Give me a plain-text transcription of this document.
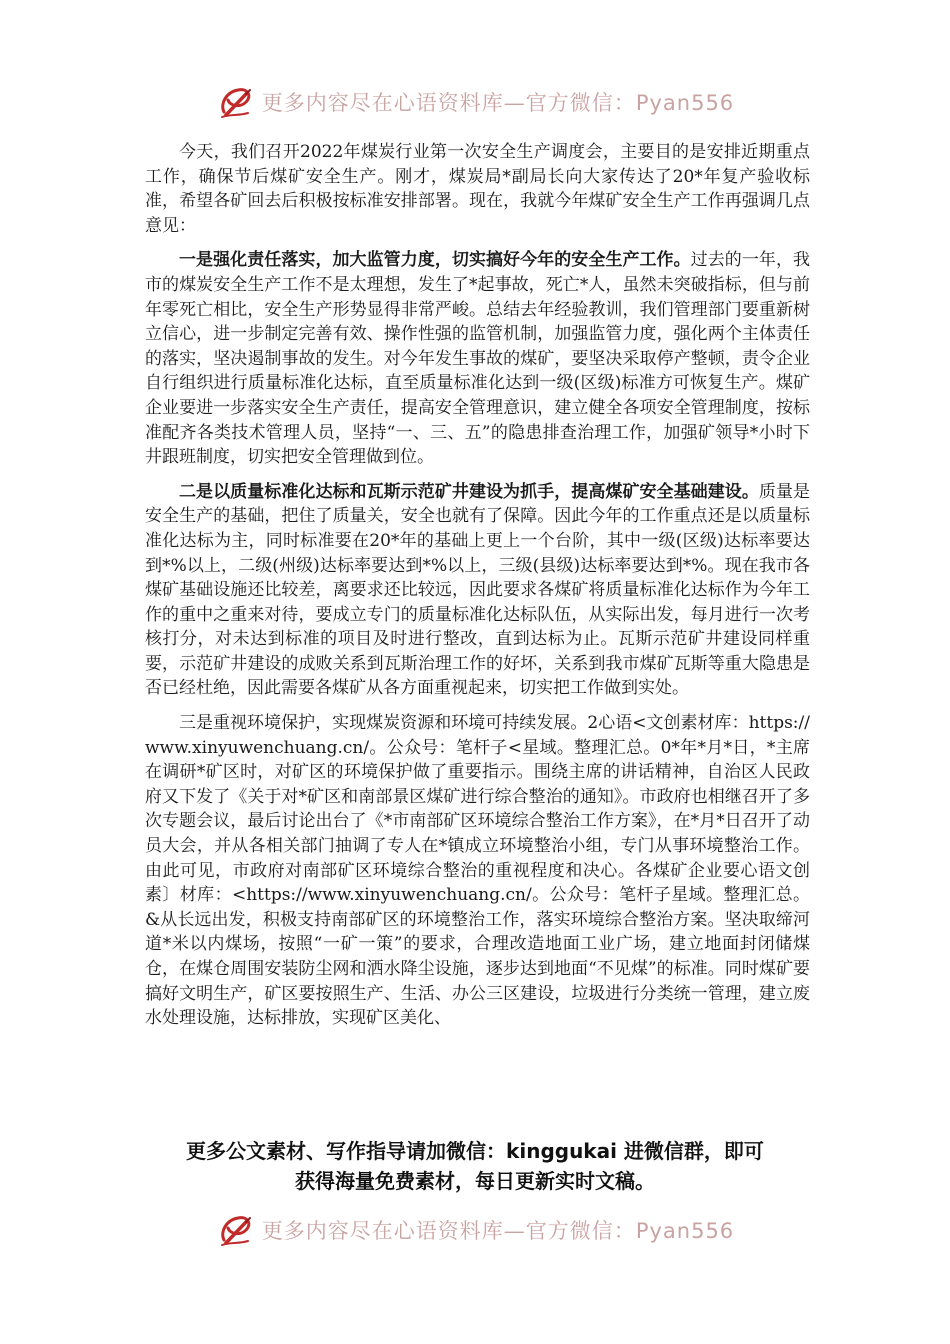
更多内容尽在心语资料库—官方微信：Pyan556

今天，我们召开2022年煤炭行业第一次安全生产调度会，主要目的是安排近期重点工作，确保节后煤矿安全生产。刚才，煤炭局*副局长向大家传达了20*年复产验收标准，希望各矿回去后积极按标准安排部署。现在，我就今年煤矿安全生产工作再强调几点意见：

一是强化责任落实，加大监管力度，切实搞好今年的安全生产工作。过去的一年，我市的煤炭安全生产工作不是太理想，发生了*起事故，死亡*人，虽然未突破指标，但与前年零死亡相比，安全生产形势显得非常严峻。总结去年经验教训，我们管理部门要重新树立信心，进一步制定完善有效、操作性强的监管机制，加强监管力度，强化两个主体责任的落实，坚决遏制事故的发生。对今年发生事故的煤矿，要坚决采取停产整顿，责令企业自行组织进行质量标准化达标，直至质量标准化达到一级(区级)标准方可恢复生产。煤矿企业要进一步落实安全生产责任，提高安全管理意识，建立健全各项安全管理制度，按标准配齐各类技术管理人员，坚持“一、三、五”的隐患排查治理工作，加强矿领导*小时下井跟班制度，切实把安全管理做到位。

二是以质量标准化达标和瓦斯示范矿井建设为抓手，提高煤矿安全基础建设。质量是安全生产的基础，把住了质量关，安全也就有了保障。因此今年的工作重点还是以质量标准化达标为主，同时标准要在20*年的基础上更上一个台阶，其中一级(区级)达标率要达到*%以上，二级(州级)达标率要达到*%以上，三级(县级)达标率要达到*%。现在我市各煤矿基础设施还比较差，离要求还比较远，因此要求各煤矿将质量标准化达标作为今年工作的重中之重来对待，要成立专门的质量标准化达标队伍，从实际出发，每月进行一次考核打分，对未达到标准的项目及时进行整改，直到达标为止。瓦斯示范矿井建设同样重要，示范矿井建设的成败关系到瓦斯治理工作的好坏，关系到我市煤矿瓦斯等重大隐患是否已经杜绝，因此需要各煤矿从各方面重视起来，切实把工作做到实处。

三是重视环境保护，实现煤炭资源和环境可持续发展。2心语<文创素材库：https://www.xinyuwenchuang.cn/。公众号：笔杆子<星域。整理汇总。0*年*月*日，*主席在调研*矿区时，对矿区的环境保护做了重要指示。围绕主席的讲话精神，自治区人民政府又下发了《关于对*矿区和南部景区煤矿进行综合整治的通知》。市政府也相继召开了多次专题会议，最后讨论出台了《*市南部矿区环境综合整治工作方案》，在*月*日召开了动员大会，并从各相关部门抽调了专人在*镇成立环境整治小组，专门从事环境整治工作。由此可见，市政府对南部矿区环境综合整治的重视程度和决心。各煤矿企业要心语文创素〕材库：<https://www.xinyuwenchuang.cn/。公众号：笔杆子星域。整理汇总。&从长远出发，积极支持南部矿区的环境整治工作，落实环境综合整治方案。坚决取缔河道*米以内煤场，按照“一矿一策”的要求，合理改造地面工业广场，建立地面封闭储煤仓，在煤仓周围安装防尘网和洒水降尘设施，逐步达到地面“不见煤”的标准。同时煤矿要搞好文明生产，矿区要按照生产、生活、办公三区建设，垃圾进行分类统一管理，建立废水处理设施，达标排放，实现矿区美化、

更多公文素材、写作指导请加微信：kinggukai 进微信群，即可
获得海量免费素材，每日更新实时文稿。
更多内容尽在心语资料库—官方微信：Pyan556
